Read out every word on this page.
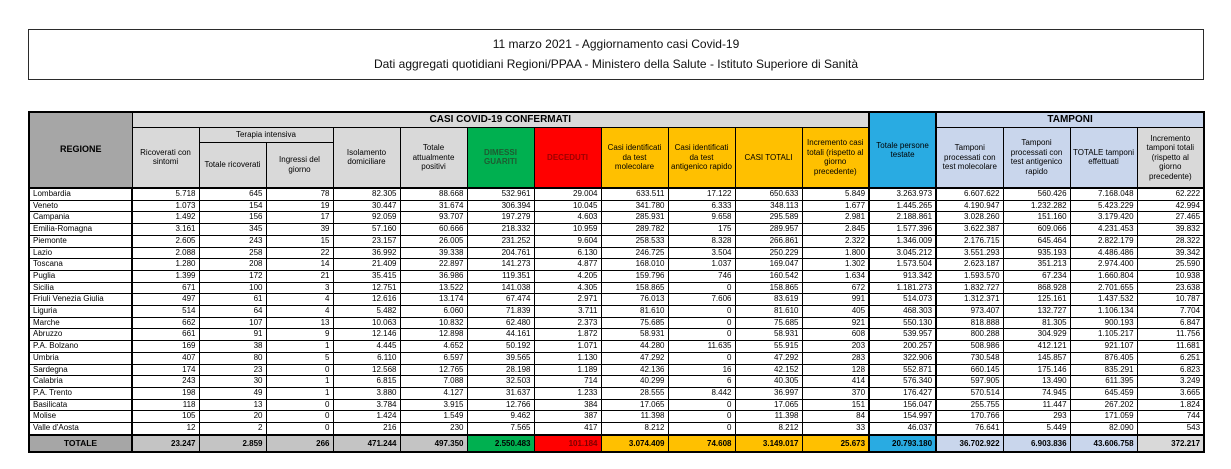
11 marzo 2021 - Aggiornamento casi Covid-19
Dati aggregati quotidiani Regioni/PPAA - Ministero della Salute - Istituto Superiore di Sanità
REGIONE	CASI COVID-19 CONFERMATI											Totale persone testate	TAMPONI			
	Ricoverati con sintomi	Terapia intensiva		Isolamento domiciliare	Totale attualmente positivi	DIMESSI GUARITI	DECEDUTI	Casi identificati da test molecolare	Casi identificati da test antigenico rapido	CASI TOTALI	Incremento casi totali (rispetto al giorno precedente)		Tamponi processati con test molecolare	Tamponi processati con test antigenico rapido	TOTALE tamponi effettuati	Incremento tamponi totali (rispetto al giorno precedente)
		Totale ricoverati	Ingressi del giorno													
Lombardia	5.718	645	78	82.305	88.668	532.961	29.004	633.511	17.122	650.633	5.849	3.263.973	6.607.622	560.426	7.168.048	62.222
Veneto	1.073	154	19	30.447	31.674	306.394	10.045	341.780	6.333	348.113	1.677	1.445.265	4.190.947	1.232.282	5.423.229	42.994
Campania	1.492	156	17	92.059	93.707	197.279	4.603	285.931	9.658	295.589	2.981	2.188.861	3.028.260	151.160	3.179.420	27.465
Emilia-Romagna	3.161	345	39	57.160	60.666	218.332	10.959	289.782	175	289.957	2.845	1.577.396	3.622.387	609.066	4.231.453	39.832
Piemonte	2.605	243	15	23.157	26.005	231.252	9.604	258.533	8.328	266.861	2.322	1.346.009	2.176.715	645.464	2.822.179	28.322
Lazio	2.088	258	22	36.992	39.338	204.761	6.130	246.725	3.504	250.229	1.800	3.045.212	3.551.293	935.193	4.486.486	39.342
Toscana	1.280	208	14	21.409	22.897	141.273	4.877	168.010	1.037	169.047	1.302	1.573.504	2.623.187	351.213	2.974.400	25.590
Puglia	1.399	172	21	35.415	36.986	119.351	4.205	159.796	746	160.542	1.634	913.342	1.593.570	67.234	1.660.804	10.938
Sicilia	671	100	3	12.751	13.522	141.038	4.305	158.865	0	158.865	672	1.181.273	1.832.727	868.928	2.701.655	23.638
Friuli Venezia Giulia	497	61	4	12.616	13.174	67.474	2.971	76.013	7.606	83.619	991	514.073	1.312.371	125.161	1.437.532	10.787
Liguria	514	64	4	5.482	6.060	71.839	3.711	81.610	0	81.610	405	468.303	973.407	132.727	1.106.134	7.704
Marche	662	107	13	10.063	10.832	62.480	2.373	75.685	0	75.685	921	550.130	818.888	81.305	900.193	6.847
Abruzzo	661	91	9	12.146	12.898	44.161	1.872	58.931	0	58.931	608	539.957	800.288	304.929	1.105.217	11.756
P.A. Bolzano	169	38	1	4.445	4.652	50.192	1.071	44.280	11.635	55.915	203	200.257	508.986	412.121	921.107	11.681
Umbria	407	80	5	6.110	6.597	39.565	1.130	47.292	0	47.292	283	322.906	730.548	145.857	876.405	6.251
Sardegna	174	23	0	12.568	12.765	28.198	1.189	42.136	16	42.152	128	552.871	660.145	175.146	835.291	6.823
Calabria	243	30	1	6.815	7.088	32.503	714	40.299	6	40.305	414	576.340	597.905	13.490	611.395	3.249
P.A. Trento	198	49	1	3.880	4.127	31.637	1.233	28.555	8.442	36.997	370	176.427	570.514	74.945	645.459	3.665
Basilicata	118	13	0	3.784	3.915	12.766	384	17.065	0	17.065	151	156.047	255.755	11.447	267.202	1.824
Molise	105	20	0	1.424	1.549	9.462	387	11.398	0	11.398	84	154.997	170.766	293	171.059	744
Valle d'Aosta	12	2	0	216	230	7.565	417	8.212	0	8.212	33	46.037	76.641	5.449	82.090	543
TOTALE	23.247	2.859	266	471.244	497.350	2.550.483	101.184	3.074.409	74.608	3.149.017	25.673	20.793.180	36.702.922	6.903.836	43.606.758	372.217
